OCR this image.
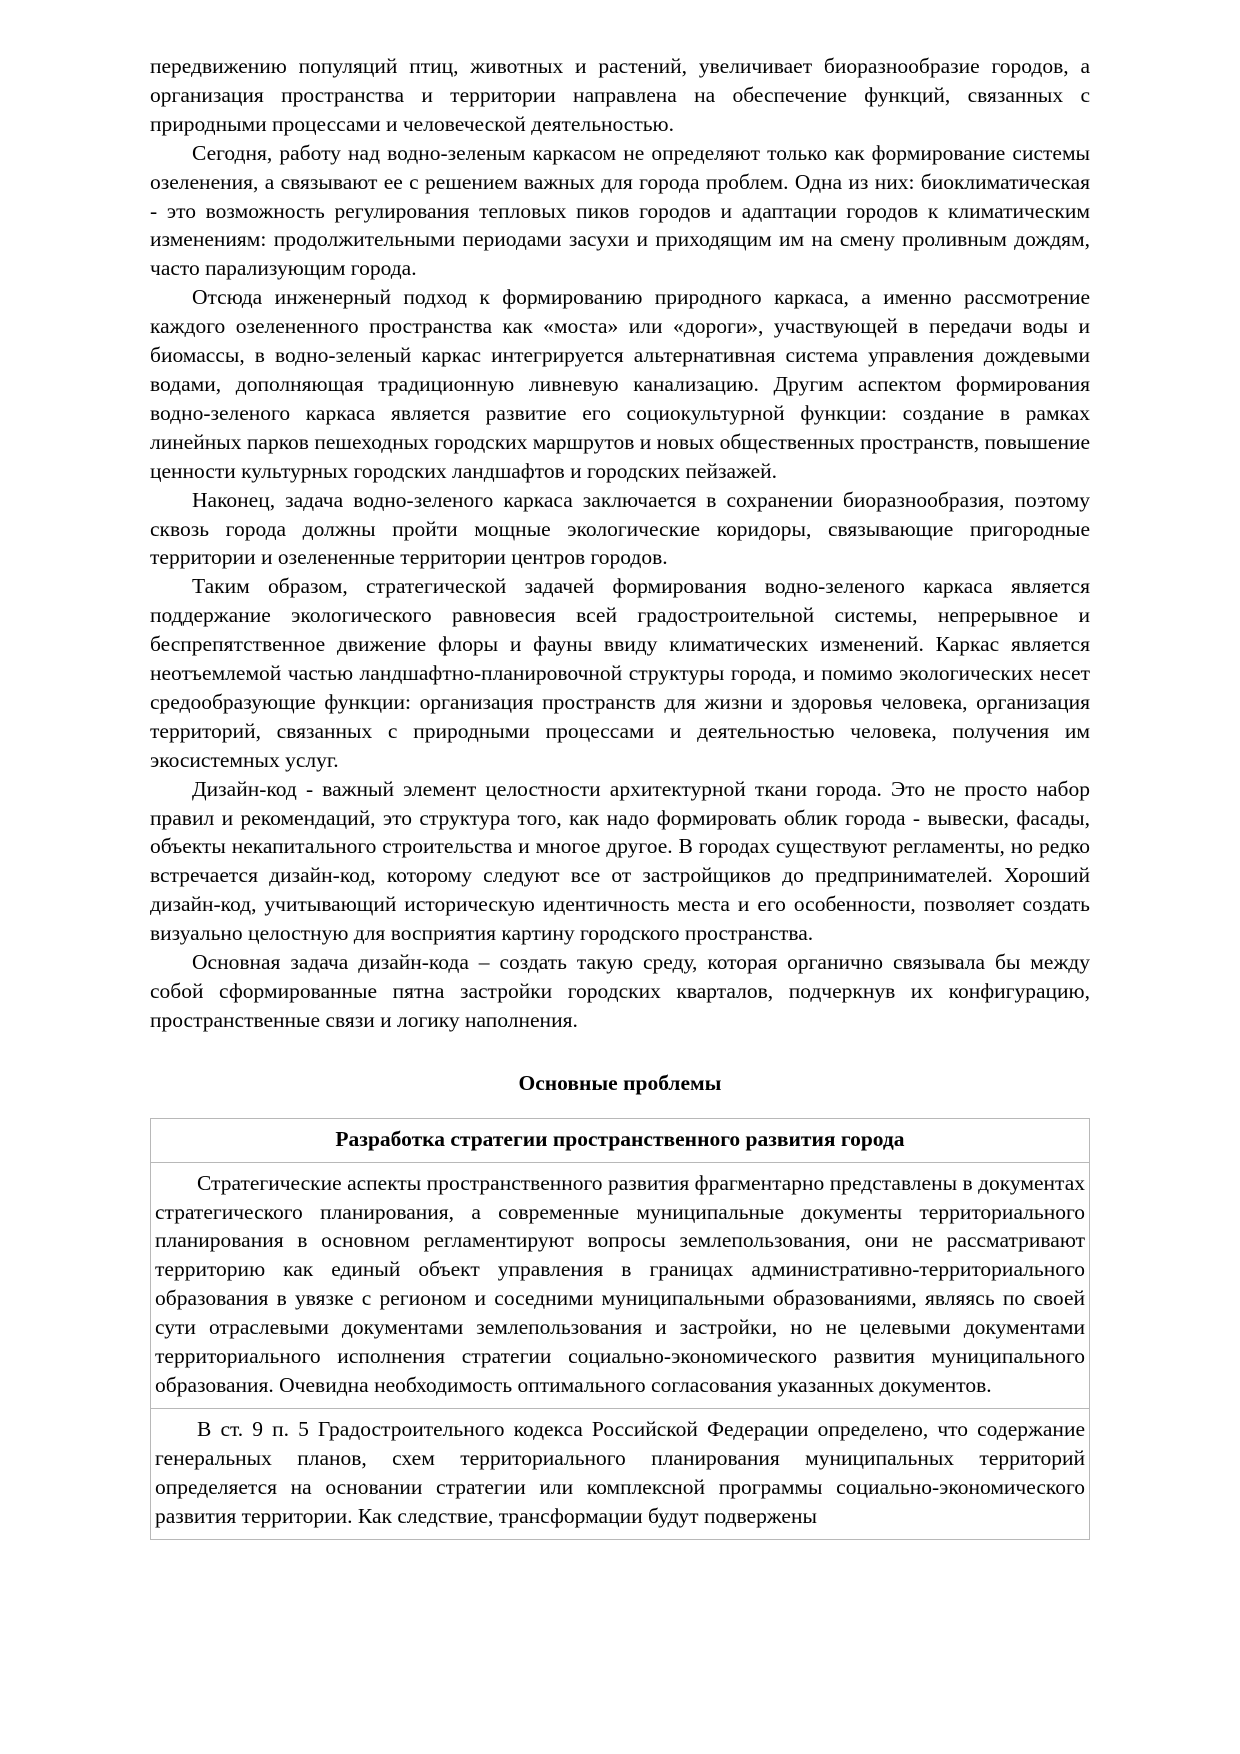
передвижению популяций птиц, животных и растений, увеличивает биоразнообразие городов, а организация пространства и территории направлена на обеспечение функций, связанных с природными процессами и человеческой деятельностью.

Сегодня, работу над водно-зеленым каркасом не определяют только как формирование системы озеленения, а связывают ее с решением важных для города проблем. Одна из них: биоклиматическая - это возможность регулирования тепловых пиков городов и адаптации городов к климатическим изменениям: продолжительными периодами засухи и приходящим им на смену проливным дождям, часто парализующим города.

Отсюда инженерный подход к формированию природного каркаса, а именно рассмотрение каждого озелененного пространства как «моста» или «дороги», участвующей в передачи воды и биомассы, в водно-зеленый каркас интегрируется альтернативная система управления дождевыми водами, дополняющая традиционную ливневую канализацию. Другим аспектом формирования водно-зеленого каркаса является развитие его социокультурной функции: создание в рамках линейных парков пешеходных городских маршрутов и новых общественных пространств, повышение ценности культурных городских ландшафтов и городских пейзажей.

Наконец, задача водно-зеленого каркаса заключается в сохранении биоразнообразия, поэтому сквозь города должны пройти мощные экологические коридоры, связывающие пригородные территории и озелененные территории центров городов.

Таким образом, стратегической задачей формирования водно-зеленого каркаса является поддержание экологического равновесия всей градостроительной системы, непрерывное и беспрепятственное движение флоры и фауны ввиду климатических изменений. Каркас является неотъемлемой частью ландшафтно-планировочной структуры города, и помимо экологических несет средообразующие функции: организация пространств для жизни и здоровья человека, организация территорий, связанных с природными процессами и деятельностью человека, получения им экосистемных услуг.

Дизайн-код - важный элемент целостности архитектурной ткани города. Это не просто набор правил и рекомендаций, это структура того, как надо формировать облик города - вывески, фасады, объекты некапитального строительства и многое другое. В городах существуют регламенты, но редко встречается дизайн-код, которому следуют все от застройщиков до предпринимателей. Хороший дизайн-код, учитывающий историческую идентичность места и его особенности, позволяет создать визуально целостную для восприятия картину городского пространства.

Основная задача дизайн-кода – создать такую среду, которая органично связывала бы между собой сформированные пятна застройки городских кварталов, подчеркнув их конфигурацию, пространственные связи и логику наполнения.

Основные проблемы
Разработка стратегии пространственного развития города

Стратегические аспекты пространственного развития фрагментарно представлены в документах стратегического планирования, а современные муниципальные документы территориального планирования в основном регламентируют вопросы землепользования, они не рассматривают территорию как единый объект управления в границах административно-территориального образования в увязке с регионом и соседними муниципальными образованиями, являясь по своей сути отраслевыми документами землепользования и застройки, но не целевыми документами территориального исполнения стратегии социально-экономического развития муниципального образования. Очевидна необходимость оптимального согласования указанных документов.

В ст. 9 п. 5 Градостроительного кодекса Российской Федерации определено, что содержание генеральных планов, схем территориального планирования муниципальных территорий определяется на основании стратегии или комплексной программы социально-экономического развития территории. Как следствие, трансформации будут подвержены
